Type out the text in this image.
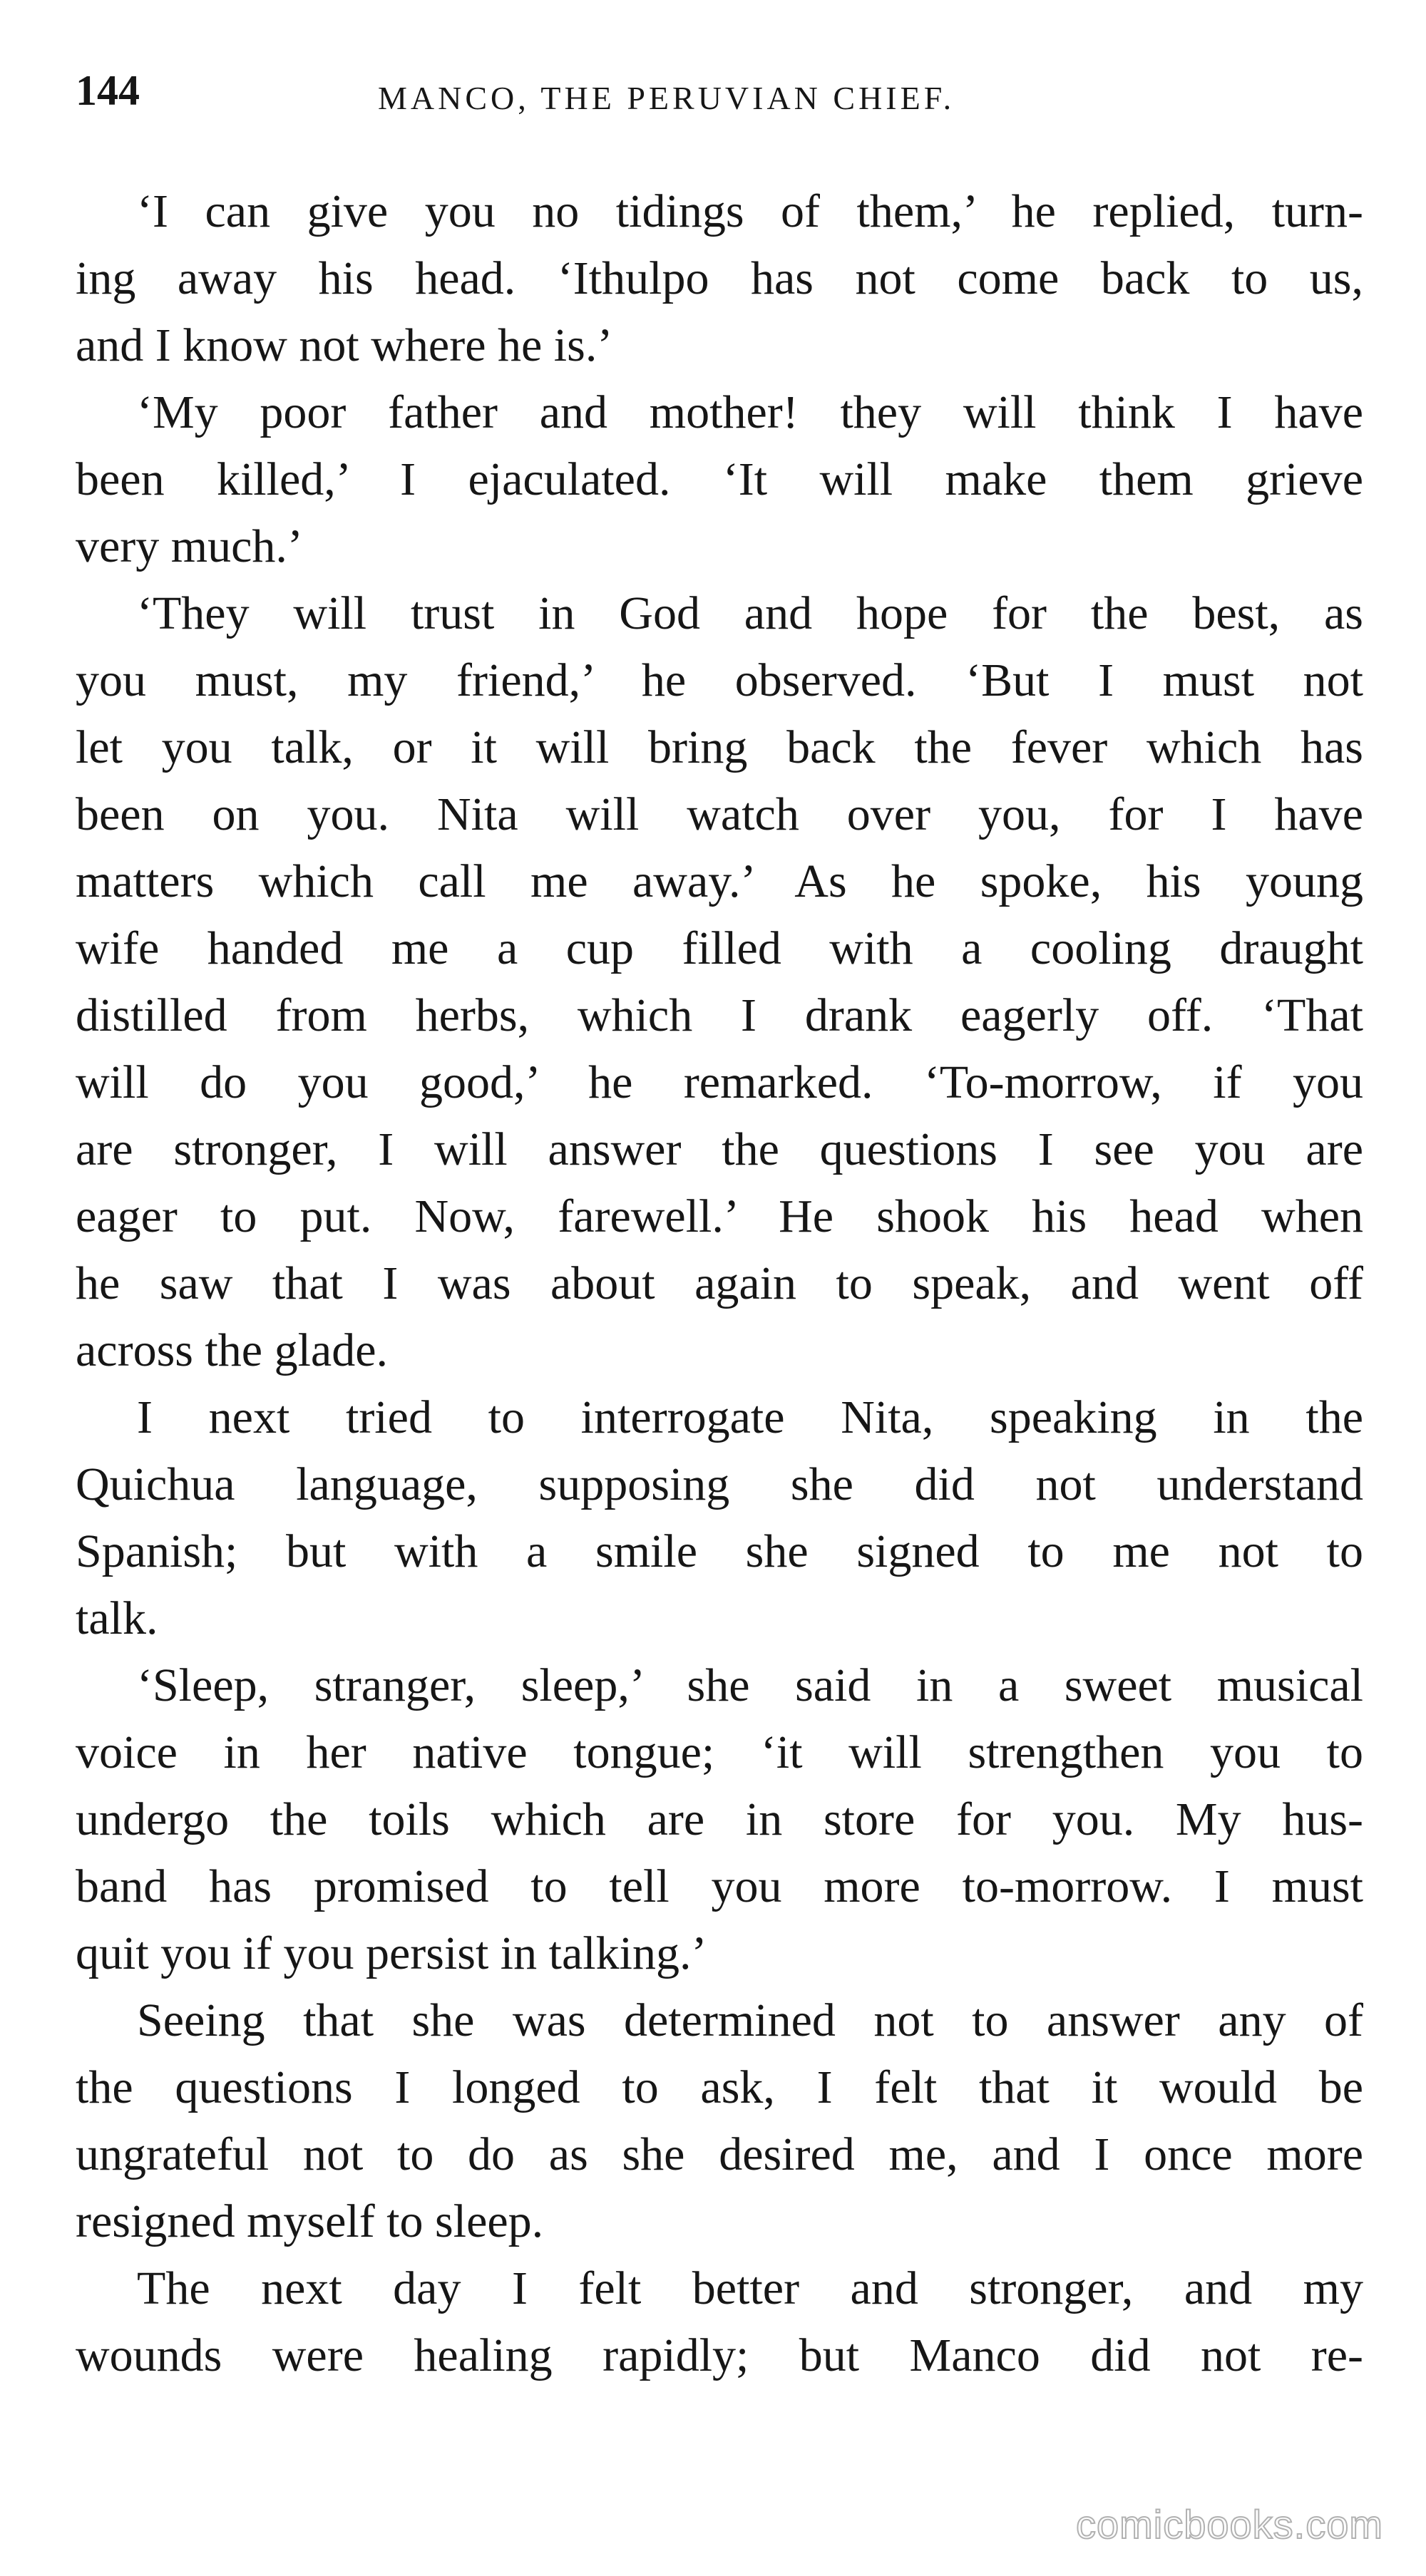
144	MANCO, THE PERUVIAN CHIEF.
‘I can give you no tidings of them,’ he replied, turn-
ing away his head. ‘Ithulpo has not come back to us,
and I know not where he is.’
‘My poor father and mother! they will think I have
been killed,’ I ejaculated. ‘It will make them grieve
very much.’
‘They will trust in God and hope for the best, as
you must, my friend,’ he observed. ‘But I must not
let you talk, or it will bring back the fever which has
been on you. Nita will watch over you, for I have
matters which call me away.’ As he spoke, his young
wife handed me a cup filled with a cooling draught
distilled from herbs, which I drank eagerly off. ‘That
will do you good,’ he remarked. ‘To-morrow, if you
are stronger, I will answer the questions I see you are
eager to put. Now, farewell.’ He shook his head when
he saw that I was about again to speak, and went off
across the glade.
I next tried to interrogate Nita, speaking in the
Quichua language, supposing she did not understand
Spanish; but with a smile she signed to me not to
talk.
‘Sleep, stranger, sleep,’ she said in a sweet musical
voice in her native tongue; ‘it will strengthen you to
undergo the toils which are in store for you. My hus-
band has promised to tell you more to-morrow. I must
quit you if you persist in talking.’
Seeing that she was determined not to answer any of
the questions I longed to ask, I felt that it would be
ungrateful not to do as she desired me, and I once more
resigned myself to sleep.
The next day I felt better and stronger, and my
wounds were healing rapidly; but Manco did not re-
comicbooks.com
